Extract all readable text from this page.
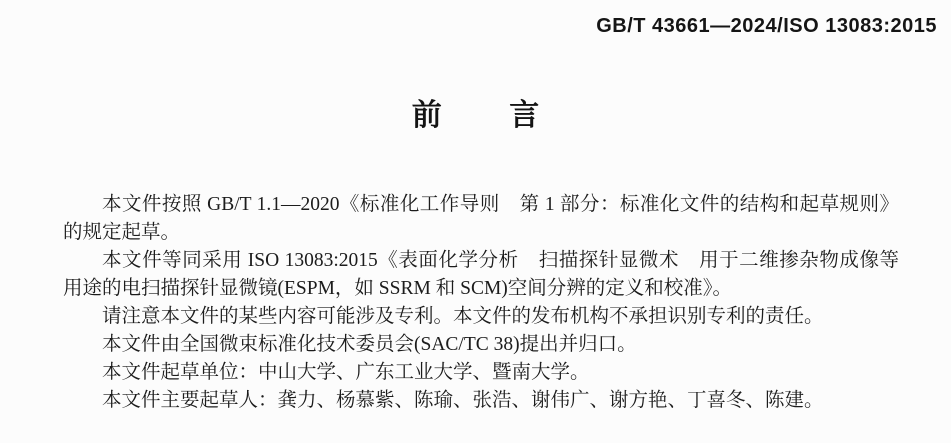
GB/T 43661—2024/ISO 13083:2015
前 言

本文件按照 GB/T 1.1—2020《标准化工作导则　第 1 部分：标准化文件的结构和起草规则》的规定起草。

本文件等同采用 ISO 13083:2015《表面化学分析　扫描探针显微术　用于二维掺杂物成像等用途的电扫描探针显微镜(ESPM，如 SSRM 和 SCM)空间分辨的定义和校准》。

请注意本文件的某些内容可能涉及专利。本文件的发布机构不承担识别专利的责任。

本文件由全国微束标准化技术委员会(SAC/TC 38)提出并归口。

本文件起草单位：中山大学、广东工业大学、暨南大学。

本文件主要起草人：龚力、杨慕紫、陈瑜、张浩、谢伟广、谢方艳、丁喜冬、陈建。
